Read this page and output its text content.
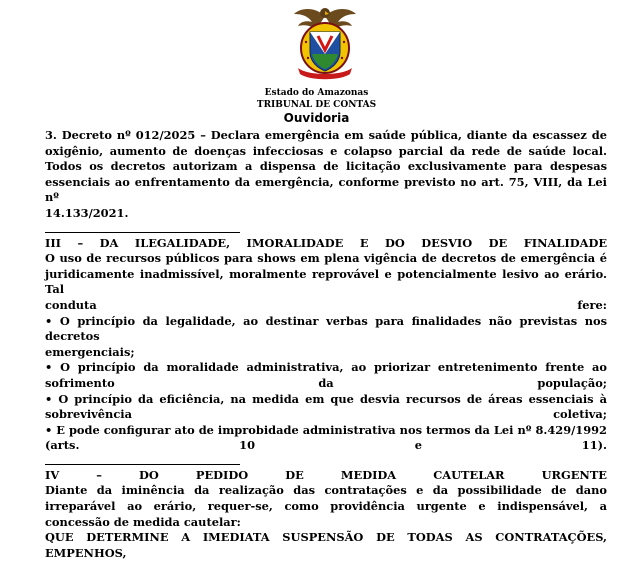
Estado do Amazonas
TRIBUNAL DE CONTAS
Ouvidoria

3. Decreto nº 012/2025 – Declara emergência em saúde pública, diante da escassez de oxigênio, aumento de doenças infecciosas e colapso parcial da rede de saúde local. Todos os decretos autorizam a dispensa de licitação exclusivamente para despesas essenciais ao enfrentamento da emergência, conforme previsto no art. 75, VIII, da Lei nº

14.133/2021.

III – DA ILEGALIDADE, IMORALIDADE E DO DESVIO DE FINALIDADE

O uso de recursos públicos para shows em plena vigência de decretos de emergência é juridicamente inadmissível, moralmente reprovável e potencialmente lesivo ao erário. Tal

conduta fere:

• O princípio da legalidade, ao destinar verbas para finalidades não previstas nos decretos

emergenciais;

• O princípio da moralidade administrativa, ao priorizar entretenimento frente ao

sofrimento da população;

• O princípio da eficiência, na medida em que desvia recursos de áreas essenciais à

sobrevivência coletiva;

• E pode configurar ato de improbidade administrativa nos termos da Lei nº 8.429/1992

(arts. 10 e 11).

IV – DO PEDIDO DE MEDIDA CAUTELAR URGENTE

Diante da iminência da realização das contratações e da possibilidade de dano irreparável ao erário, requer-se, como providência urgente e indispensável, a concessão de medida cautelar:

QUE DETERMINE A IMEDIATA SUSPENSÃO DE TODAS AS CONTRATAÇÕES, EMPENHOS,
